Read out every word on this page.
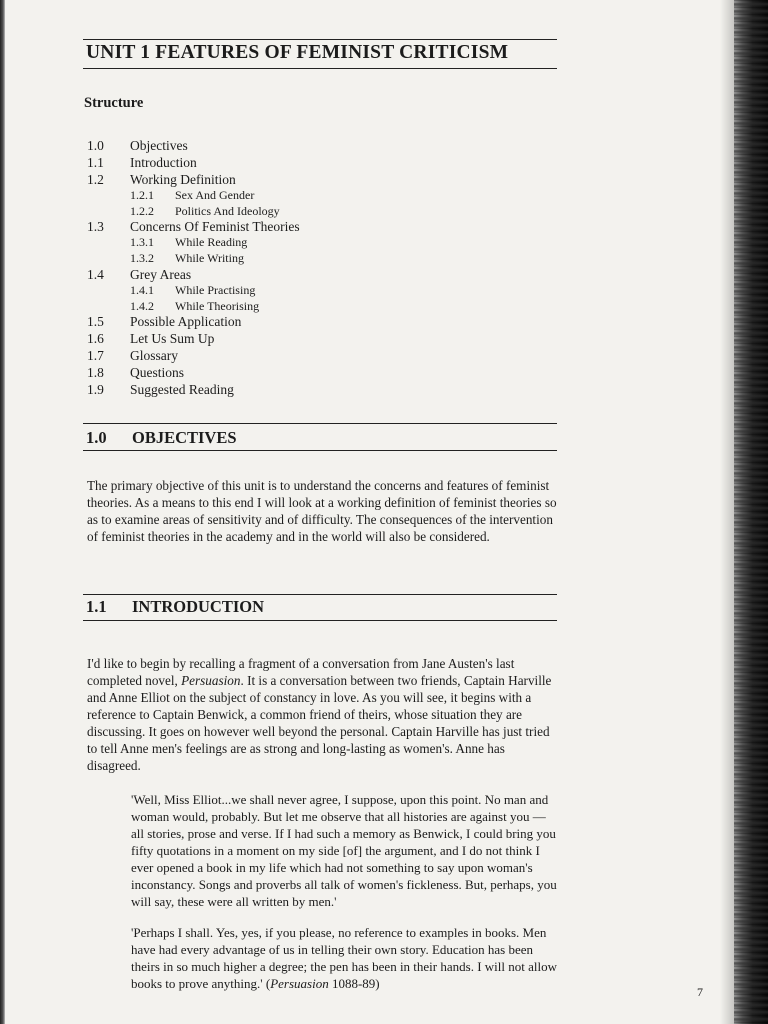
UNIT 1 FEATURES OF FEMINIST CRITICISM
Structure
1.0 Objectives
1.1 Introduction
1.2 Working Definition
1.2.1 Sex And Gender
1.2.2 Politics And Ideology
1.3 Concerns Of Feminist Theories
1.3.1 While Reading
1.3.2 While Writing
1.4 Grey Areas
1.4.1 While Practising
1.4.2 While Theorising
1.5 Possible Application
1.6 Let Us Sum Up
1.7 Glossary
1.8 Questions
1.9 Suggested Reading
1.0 OBJECTIVES

The primary objective of this unit is to understand the concerns and features of feminist theories. As a means to this end I will look at a working definition of feminist theories so as to examine areas of sensitivity and of difficulty. The consequences of the intervention of feminist theories in the academy and in the world will also be considered.

1.1 INTRODUCTION

I'd like to begin by recalling a fragment of a conversation from Jane Austen's last completed novel, Persuasion. It is a conversation between two friends, Captain Harville and Anne Elliot on the subject of constancy in love. As you will see, it begins with a reference to Captain Benwick, a common friend of theirs, whose situation they are discussing. It goes on however well beyond the personal. Captain Harville has just tried to tell Anne men's feelings are as strong and long-lasting as women's. Anne has disagreed.

'Well, Miss Elliot...we shall never agree, I suppose, upon this point. No man and woman would, probably. But let me observe that all histories are against you — all stories, prose and verse. If I had such a memory as Benwick, I could bring you fifty quotations in a moment on my side [of] the argument, and I do not think I ever opened a book in my life which had not something to say upon woman's inconstancy. Songs and proverbs all talk of women's fickleness. But, perhaps, you will say, these were all written by men.'

'Perhaps I shall. Yes, yes, if you please, no reference to examples in books. Men have had every advantage of us in telling their own story. Education has been theirs in so much higher a degree; the pen has been in their hands. I will not allow books to prove anything.' (Persuasion 1088-89)

7
